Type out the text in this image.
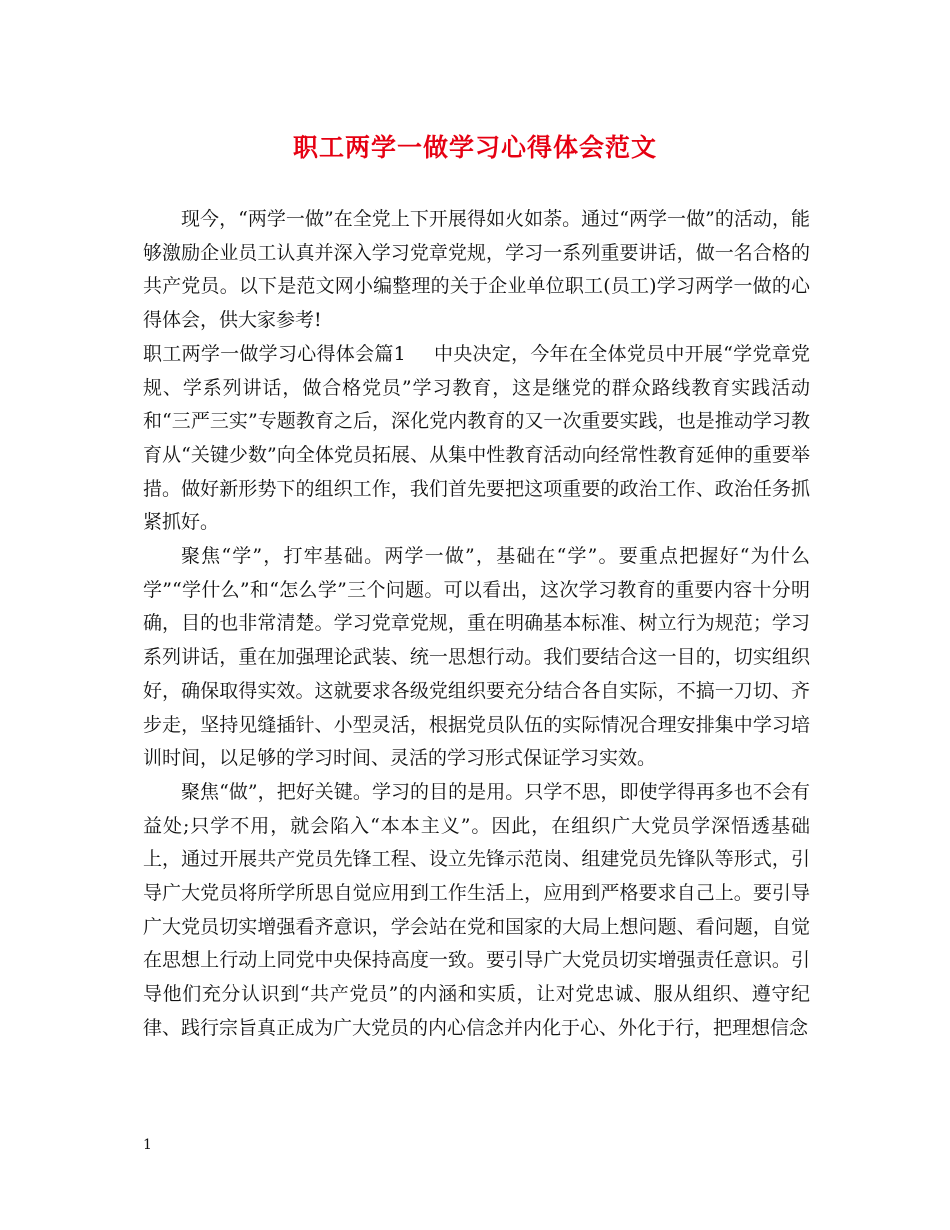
职工两学一做学习心得体会范文

现今，“两学一做”在全党上下开展得如火如荼。通过“两学一做”的活动，能够激励企业员工认真并深入学习党章党规，学习一系列重要讲话，做一名合格的共产党员。以下是范文网小编整理的关于企业单位职工(员工)学习两学一做的心得体会，供大家参考!

职工两学一做学习心得体会篇1 中央决定，今年在全体党员中开展“学党章党规、学系列讲话，做合格党员”学习教育，这是继党的群众路线教育实践活动和“三严三实”专题教育之后，深化党内教育的又一次重要实践，也是推动学习教育从“关键少数”向全体党员拓展、从集中性教育活动向经常性教育延伸的重要举措。做好新形势下的组织工作，我们首先要把这项重要的政治工作、政治任务抓紧抓好。

聚焦“学”，打牢基础。两学一做”，基础在“学”。要重点把握好“为什么学”“学什么”和“怎么学”三个问题。可以看出，这次学习教育的重要内容十分明确，目的也非常清楚。学习党章党规，重在明确基本标准、树立行为规范；学习系列讲话，重在加强理论武装、统一思想行动。我们要结合这一目的，切实组织好，确保取得实效。这就要求各级党组织要充分结合各自实际，不搞一刀切、齐步走，坚持见缝插针、小型灵活，根据党员队伍的实际情况合理安排集中学习培训时间，以足够的学习时间、灵活的学习形式保证学习实效。

聚焦“做”，把好关键。学习的目的是用。只学不思，即使学得再多也不会有益处;只学不用，就会陷入“本本主义”。因此，在组织广大党员学深悟透基础上，通过开展共产党员先锋工程、设立先锋示范岗、组建党员先锋队等形式，引导广大党员将所学所思自觉应用到工作生活上，应用到严格要求自己上。要引导广大党员切实增强看齐意识，学会站在党和国家的大局上想问题、看问题，自觉在思想上行动上同党中央保持高度一致。要引导广大党员切实增强责任意识。引导他们充分认识到“共产党员”的内涵和实质，让对党忠诚、服从组织、遵守纪律、践行宗旨真正成为广大党员的内心信念并内化于心、外化于行，把理想信念

1
